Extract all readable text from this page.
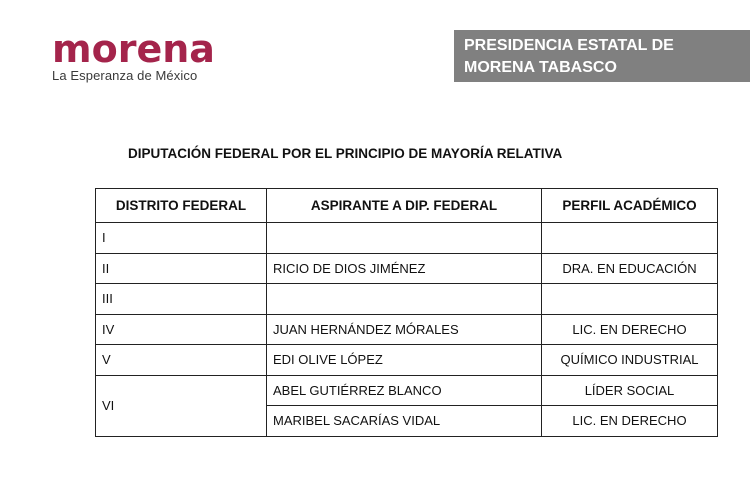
morena
La Esperanza de México
PRESIDENCIA ESTATAL DE
MORENA TABASCO
DIPUTACIÓN FEDERAL POR EL PRINCIPIO DE MAYORÍA RELATIVA
DISTRITO FEDERAL	ASPIRANTE A DIP. FEDERAL	PERFIL ACADÉMICO
I		
II	RICIO DE DIOS JIMÉNEZ	DRA. EN EDUCACIÓN
III		
IV	JUAN HERNÁNDEZ MÓRALES	LIC. EN DERECHO
V	EDI OLIVE LÓPEZ	QUÍMICO INDUSTRIAL
VI	ABEL GUTIÉRREZ BLANCO	LÍDER SOCIAL
	MARIBEL SACARÍAS VIDAL	LIC. EN DERECHO
